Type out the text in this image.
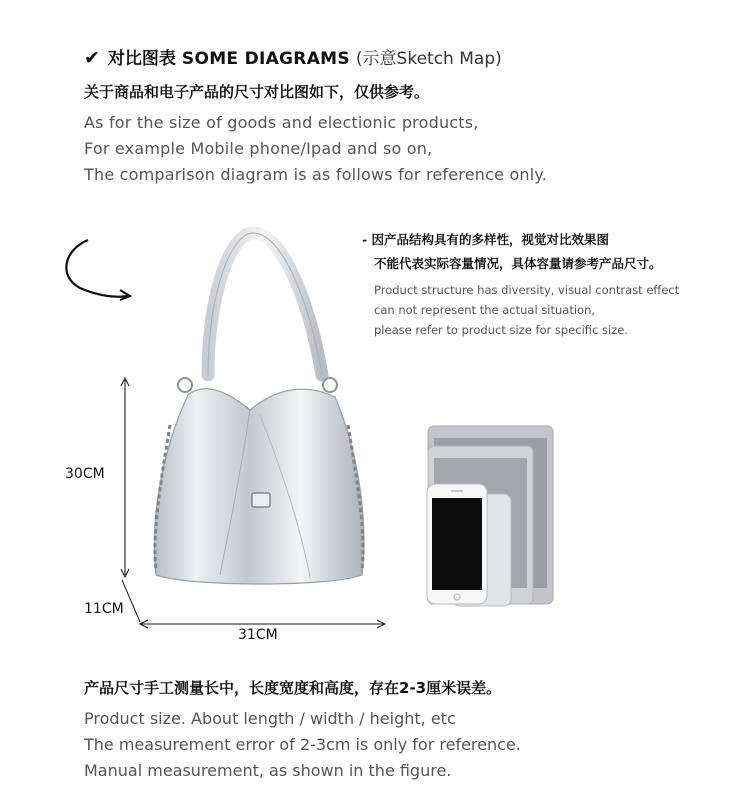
✔ 对比图表 SOME DIAGRAMS (示意Sketch Map)
关于商品和电子产品的尺寸对比图如下，仅供参考。
As for the size of goods and electionic products,
For example Mobile phone/Ipad and so on,
The comparison diagram is as follows for reference only.
- 因产品结构具有的多样性，视觉对比效果图
不能代表实际容量情况，具体容量请参考产品尺寸。
Product structure has diversity, visual contrast effect
can not represent the actual situation,
please refer to product size for specific size.
30CM
11CM
31CM
产品尺寸手工测量长中，长度宽度和高度，存在2-3厘米误差。
Product size. About length / width / height, etc
The measurement error of 2-3cm is only for reference.
Manual measurement, as shown in the figure.
